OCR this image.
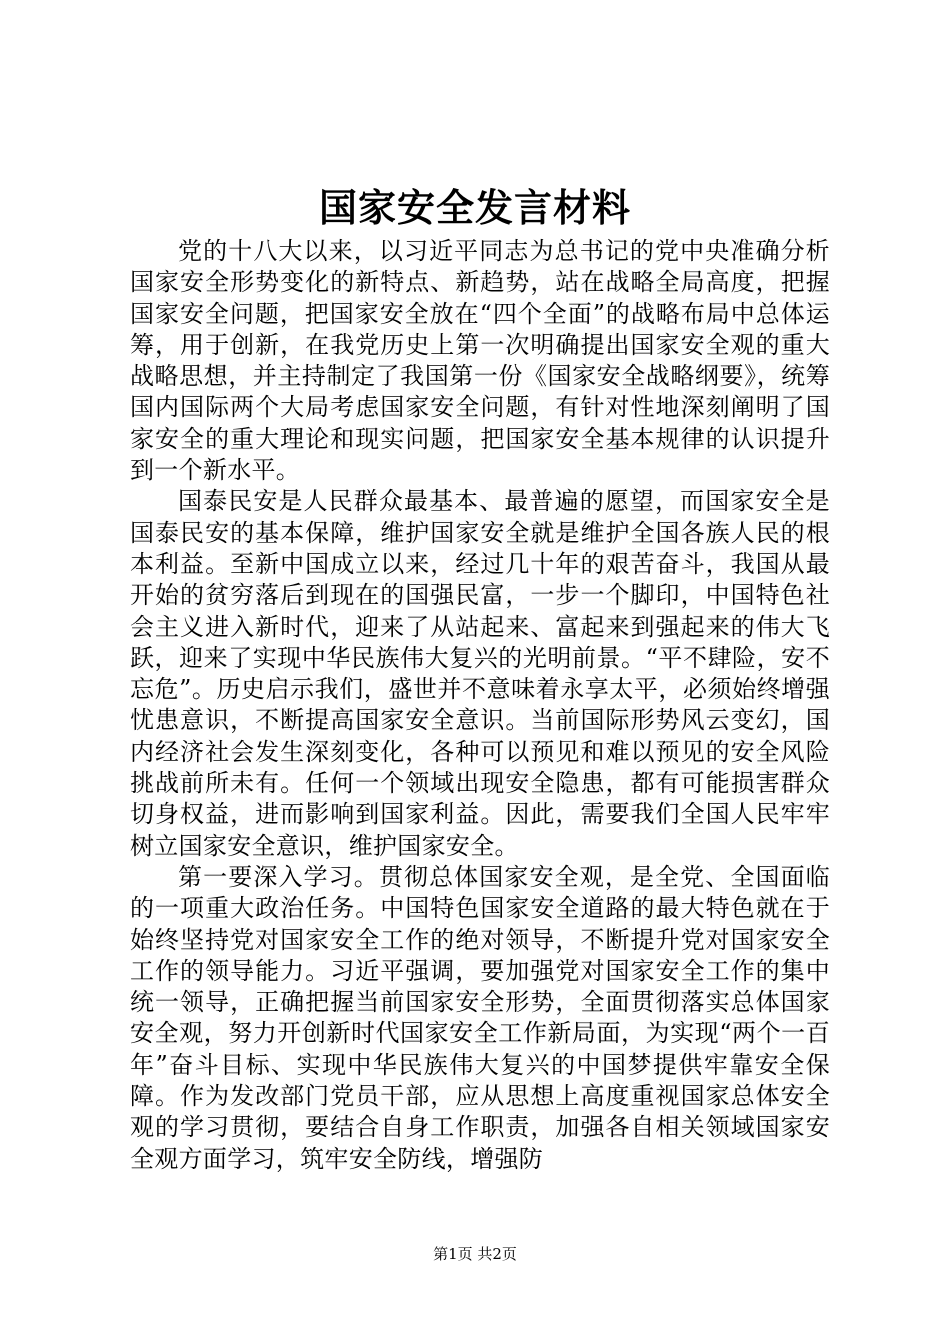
国家安全发言材料

党的十八大以来，以习近平同志为总书记的党中央准确分析国家安全形势变化的新特点、新趋势，站在战略全局高度，把握国家安全问题，把国家安全放在“四个全面”的战略布局中总体运筹，用于创新，在我党历史上第一次明确提出国家安全观的重大战略思想，并主持制定了我国第一份《国家安全战略纲要》，统筹国内国际两个大局考虑国家安全问题，有针对性地深刻阐明了国家安全的重大理论和现实问题，把国家安全基本规律的认识提升到一个新水平。

国泰民安是人民群众最基本、最普遍的愿望，而国家安全是国泰民安的基本保障，维护国家安全就是维护全国各族人民的根本利益。至新中国成立以来，经过几十年的艰苦奋斗，我国从最开始的贫穷落后到现在的国强民富，一步一个脚印，中国特色社会主义进入新时代，迎来了从站起来、富起来到强起来的伟大飞跃，迎来了实现中华民族伟大复兴的光明前景。“平不肆险，安不忘危”。历史启示我们，盛世并不意味着永享太平，必须始终增强忧患意识，不断提高国家安全意识。当前国际形势风云变幻，国内经济社会发生深刻变化，各种可以预见和难以预见的安全风险挑战前所未有。任何一个领域出现安全隐患，都有可能损害群众切身权益，进而影响到国家利益。因此，需要我们全国人民牢牢树立国家安全意识，维护国家安全。

第一要深入学习。贯彻总体国家安全观，是全党、全国面临的一项重大政治任务。中国特色国家安全道路的最大特色就在于始终坚持党对国家安全工作的绝对领导，不断提升党对国家安全工作的领导能力。习近平强调，要加强党对国家安全工作的集中统一领导，正确把握当前国家安全形势，全面贯彻落实总体国家安全观，努力开创新时代国家安全工作新局面，为实现“两个一百年”奋斗目标、实现中华民族伟大复兴的中国梦提供牢靠安全保障。作为发改部门党员干部，应从思想上高度重视国家总体安全观的学习贯彻，要结合自身工作职责，加强各自相关领域国家安全观方面学习，筑牢安全防线，增强防

第1页 共2页
